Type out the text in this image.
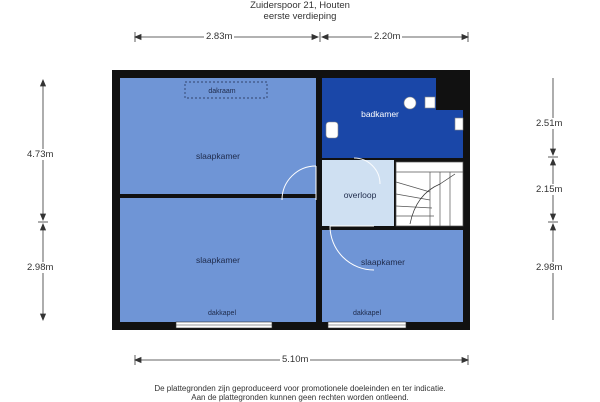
Zuiderspoor 21, Houten
eerste verdieping
dakraam
slaapkamer
slaapkamer	slaapkamer
badkamer
overloop
dakkapel	dakkapel
2.83m	2.20m
4.73m
2.98m
2.51m
2.15m
2.98m
5.10m
De plattegronden zijn geproduceerd voor promotionele doeleinden en ter indicatie.
Aan de plattegronden kunnen geen rechten worden ontleend.
